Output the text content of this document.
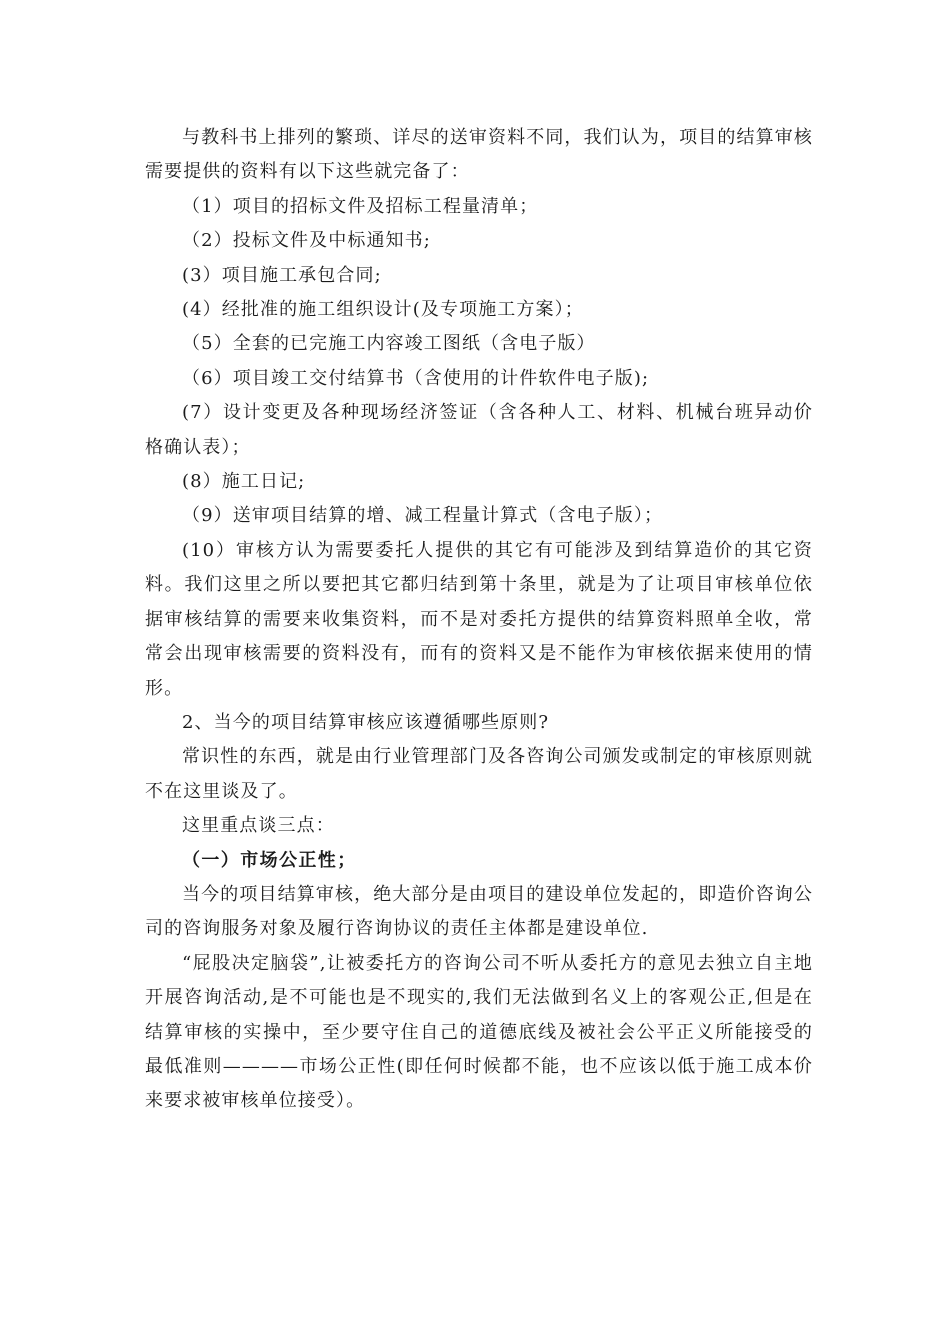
与教科书上排列的繁琐、详尽的送审资料不同，我们认为，项目的结算审核需要提供的资料有以下这些就完备了：

（1）项目的招标文件及招标工程量清单；

（2）投标文件及中标通知书;

(3）项目施工承包合同;

(4）经批准的施工组织设计(及专项施工方案）；

（5）全套的已完施工内容竣工图纸（含电子版）

（6）项目竣工交付结算书（含使用的计件软件电子版);

(7）设计变更及各种现场经济签证（含各种人工、材料、机械台班异动价格确认表）；

(8）施工日记;

（9）送审项目结算的增、减工程量计算式（含电子版）；

(10）审核方认为需要委托人提供的其它有可能涉及到结算造价的其它资料。我们这里之所以要把其它都归结到第十条里，就是为了让项目审核单位依据审核结算的需要来收集资料，而不是对委托方提供的结算资料照单全收，常常会出现审核需要的资料没有，而有的资料又是不能作为审核依据来使用的情形。

2、当今的项目结算审核应该遵循哪些原则?

常识性的东西，就是由行业管理部门及各咨询公司颁发或制定的审核原则就不在这里谈及了。

这里重点谈三点：

（一）市场公正性；

当今的项目结算审核，绝大部分是由项目的建设单位发起的，即造价咨询公司的咨询服务对象及履行咨询协议的责任主体都是建设单位.

“屁股决定脑袋”,让被委托方的咨询公司不听从委托方的意见去独立自主地开展咨询活动,是不可能也是不现实的,我们无法做到名义上的客观公正,但是在结算审核的实操中，至少要守住自己的道德底线及被社会公平正义所能接受的最低准则————市场公正性(即任何时候都不能，也不应该以低于施工成本价来要求被审核单位接受）。
